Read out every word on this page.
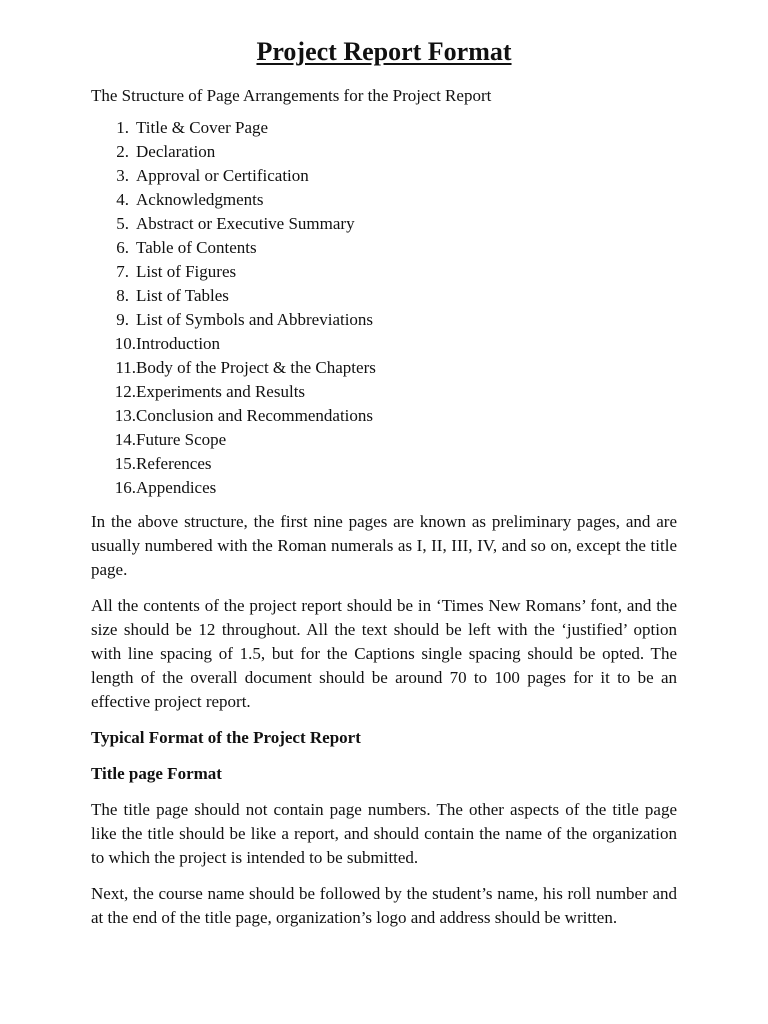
Project Report Format

The Structure of Page Arrangements for the Project Report

1. Title & Cover Page
2. Declaration
3. Approval or Certification
4. Acknowledgments
5. Abstract or Executive Summary
6. Table of Contents
7. List of Figures
8. List of Tables
9. List of Symbols and Abbreviations
10. Introduction
11. Body of the Project & the Chapters
12. Experiments and Results
13. Conclusion and Recommendations
14. Future Scope
15. References
16. Appendices

In the above structure, the first nine pages are known as preliminary pages, and are usually numbered with the Roman numerals as I, II, III, IV, and so on, except the title page.

All the contents of the project report should be in ‘Times New Romans’ font, and the size should be 12 throughout. All the text should be left with the ‘justified’ option with line spacing of 1.5, but for the Captions single spacing should be opted. The length of the overall document should be around 70 to 100 pages for it to be an effective project report.

Typical Format of the Project Report
Title page Format

The title page should not contain page numbers. The other aspects of the title page like the title should be like a report, and should contain the name of the organization to which the project is intended to be submitted.

Next, the course name should be followed by the student’s name, his roll number and at the end of the title page, organization’s logo and address should be written.
